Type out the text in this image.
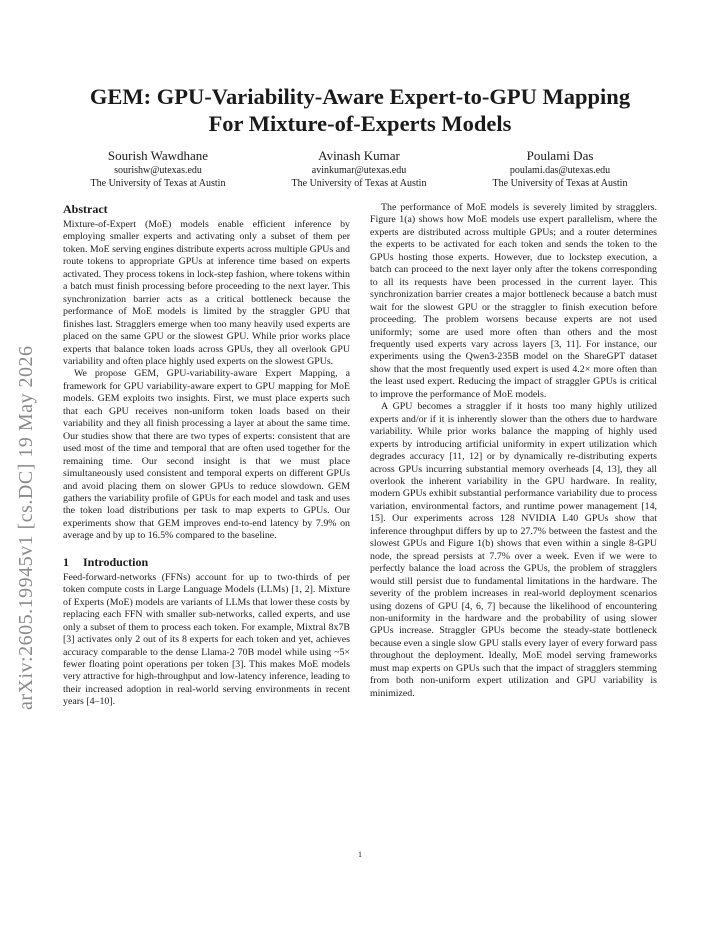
arXiv:2605.19945v1 [cs.DC] 19 May 2026
GEM: GPU-Variability-Aware Expert-to-GPU Mapping
For Mixture-of-Experts Models
Sourish Wawdhane
sourishw@utexas.edu
The University of Texas at Austin
Avinash Kumar
avinkumar@utexas.edu
The University of Texas at Austin
Poulami Das
poulami.das@utexas.edu
The University of Texas at Austin
Abstract

Mixture-of-Expert (MoE) models enable efficient inference by employing smaller experts and activating only a subset of them per token. MoE serving engines distribute experts across multiple GPUs and route tokens to appropriate GPUs at inference time based on experts activated. They process tokens in lock-step fashion, where tokens within a batch must finish processing before proceeding to the next layer. This synchronization barrier acts as a critical bottleneck because the performance of MoE models is limited by the straggler GPU that finishes last. Stragglers emerge when too many heavily used experts are placed on the same GPU or the slowest GPU. While prior works place experts that balance token loads across GPUs, they all overlook GPU variability and often place highly used experts on the slowest GPUs.

We propose GEM, GPU-variability-aware Expert Mapping, a framework for GPU variability-aware expert to GPU mapping for MoE models. GEM exploits two insights. First, we must place experts such that each GPU receives non-uniform token loads based on their variability and they all finish processing a layer at about the same time. Our studies show that there are two types of experts: consistent that are used most of the time and temporal that are often used together for the remaining time. Our second insight is that we must place simultaneously used consistent and temporal experts on different GPUs and avoid placing them on slower GPUs to reduce slowdown. GEM gathers the variability profile of GPUs for each model and task and uses the token load distributions per task to map experts to GPUs. Our experiments show that GEM improves end-to-end latency by 7.9% on average and by up to 16.5% compared to the baseline.

1 Introduction

Feed-forward-networks (FFNs) account for up to two-thirds of per token compute costs in Large Language Models (LLMs) [1, 2]. Mixture of Experts (MoE) models are variants of LLMs that lower these costs by replacing each FFN with smaller sub-networks, called experts, and use only a subset of them to process each token. For example, Mixtral 8x7B [3] activates only 2 out of its 8 experts for each token and yet, achieves accuracy comparable to the dense Llama-2 70B model while using ~5× fewer floating point operations per token [3]. This makes MoE models very attractive for high-throughput and low-latency inference, leading to their increased adoption in real-world serving environments in recent years [4–10].

The performance of MoE models is severely limited by stragglers. Figure 1(a) shows how MoE models use expert parallelism, where the experts are distributed across multiple GPUs; and a router determines the experts to be activated for each token and sends the token to the GPUs hosting those experts. However, due to lockstep execution, a batch can proceed to the next layer only after the tokens corresponding to all its requests have been processed in the current layer. This synchronization barrier creates a major bottleneck because a batch must wait for the slowest GPU or the straggler to finish execution before proceeding. The problem worsens because experts are not used uniformly; some are used more often than others and the most frequently used experts vary across layers [3, 11]. For instance, our experiments using the Qwen3-235B model on the ShareGPT dataset show that the most frequently used expert is used 4.2× more often than the least used expert. Reducing the impact of straggler GPUs is critical to improve the performance of MoE models.

A GPU becomes a straggler if it hosts too many highly utilized experts and/or if it is inherently slower than the others due to hardware variability. While prior works balance the mapping of highly used experts by introducing artificial uniformity in expert utilization which degrades accuracy [11, 12] or by dynamically re-distributing experts across GPUs incurring substantial memory overheads [4, 13], they all overlook the inherent variability in the GPU hardware. In reality, modern GPUs exhibit substantial performance variability due to process variation, environmental factors, and runtime power management [14, 15]. Our experiments across 128 NVIDIA L40 GPUs show that inference throughput differs by up to 27.7% between the fastest and the slowest GPUs and Figure 1(b) shows that even within a single 8-GPU node, the spread persists at 7.7% over a week. Even if we were to perfectly balance the load across the GPUs, the problem of stragglers would still persist due to fundamental limitations in the hardware. The severity of the problem increases in real-world deployment scenarios using dozens of GPU [4, 6, 7] because the likelihood of encountering non-uniformity in the hardware and the probability of using slower GPUs increase. Straggler GPUs become the steady-state bottleneck because even a single slow GPU stalls every layer of every forward pass throughout the deployment. Ideally, MoE model serving frameworks must map experts on GPUs such that the impact of stragglers stemming from both non-uniform expert utilization and GPU variability is minimized.

1
